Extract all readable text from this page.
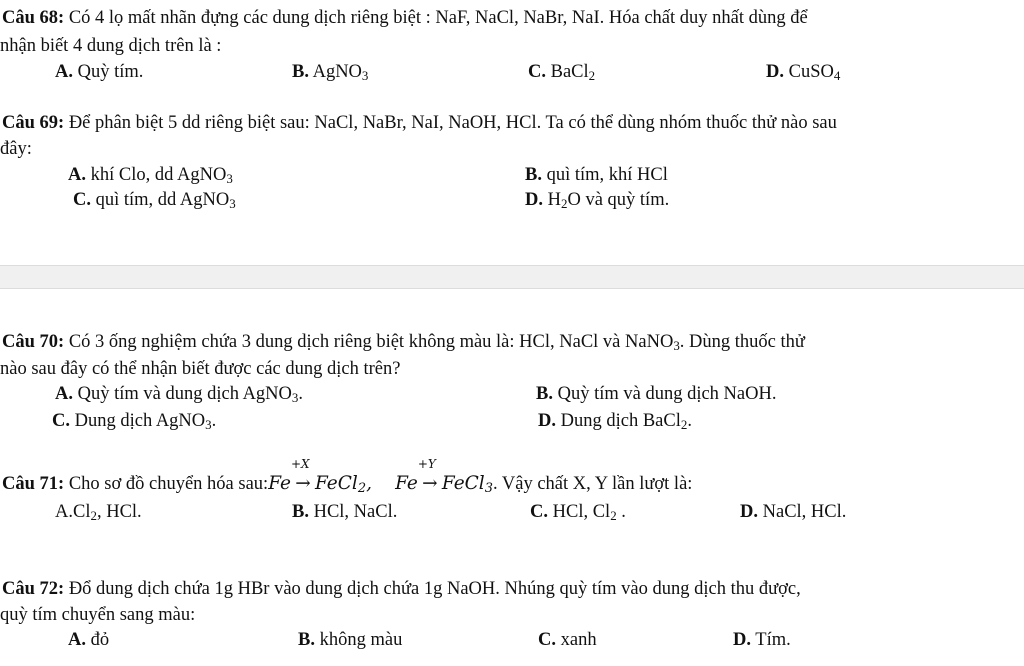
Câu 68: Có 4 lọ mất nhãn đựng các dung dịch riêng biệt : NaF, NaCl, NaBr, NaI. Hóa chất duy nhất dùng để
nhận biết 4 dung dịch trên là :
A. Quỳ tím.	B. AgNO$_3$	C. BaCl$_2$	D. CuSO$_4$
Câu 69: Để phân biệt 5 dd riêng biệt sau: NaCl, NaBr, NaI, NaOH, HCl. Ta có thể dùng nhóm thuốc thử nào sau
đây:
A. khí Clo, dd AgNO$_3$	B. quì tím, khí HCl
C. quì tím, dd AgNO$_3$	D. $H_2O$ và quỳ tím.
Câu 70: Có 3 ống nghiệm chứa 3 dung dịch riêng biệt không màu là: HCl, NaCl và NaNO$_3$. Dùng thuốc thử
nào sau đây có thể nhận biết được các dung dịch trên?
A. Quỳ tím và dung dịch AgNO$_3$.	B. Quỳ tím và dung dịch NaOH.
C. Dung dịch AgNO$_3$.	D. Dung dịch BaCl$_2$.
Câu 71: Cho sơ đồ chuyển hóa sau:Fe
+X
→ FeCl$_2$, Fe
+Y
→ FeCl$_3$. Vậy chất X, Y lần lượt là:
$A.Cl_2$, HCl.	B. HCl, NaCl.	C. HCl, $Cl_2$ .	D. NaCl, HCl.
Câu 72: Đổ dung dịch chứa 1g HBr vào dung dịch chứa 1g NaOH. Nhúng quỳ tím vào dung dịch thu được,
quỳ tím chuyển sang màu:
A. đỏ	B. không màu	C. xanh	D. Tím.
